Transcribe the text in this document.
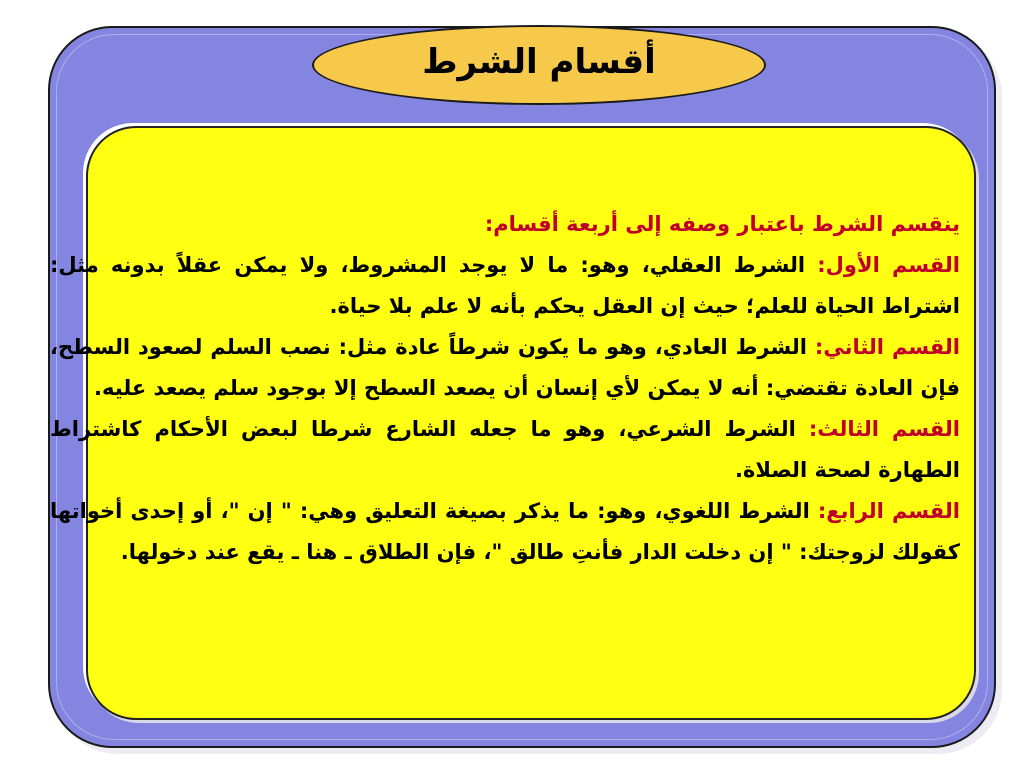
أقسام الشرط

ينقسم الشرط باعتبار وصفه إلى أربعة أقسام:

القسم الأول: الشرط العقلي، وهو: ما لا يوجد المشروط، ولا يمكن عقلاً بدونه مثل: اشتراط الحياة للعلم؛ حيث إن العقل يحكم بأنه لا علم بلا حياة.

القسم الثاني: الشرط العادي، وهو ما يكون شرطاً عادة مثل: نصب السلم لصعود السطح، فإن العادة تقتضي: أنه لا يمكن لأي إنسان أن يصعد السطح إلا بوجود سلم يصعد عليه.

القسم الثالث: الشرط الشرعي، وهو ما جعله الشارع شرطا لبعض الأحكام كاشتراط الطهارة لصحة الصلاة.

القسم الرابع: الشرط اللغوي، وهو: ما يذكر بصيغة التعليق وهي: " إن "، أو إحدى أخواتها كقولك لزوجتك: " إن دخلت الدار فأنتِ طالق "، فإن الطلاق ـ هنا ـ يقع عند دخولها.
